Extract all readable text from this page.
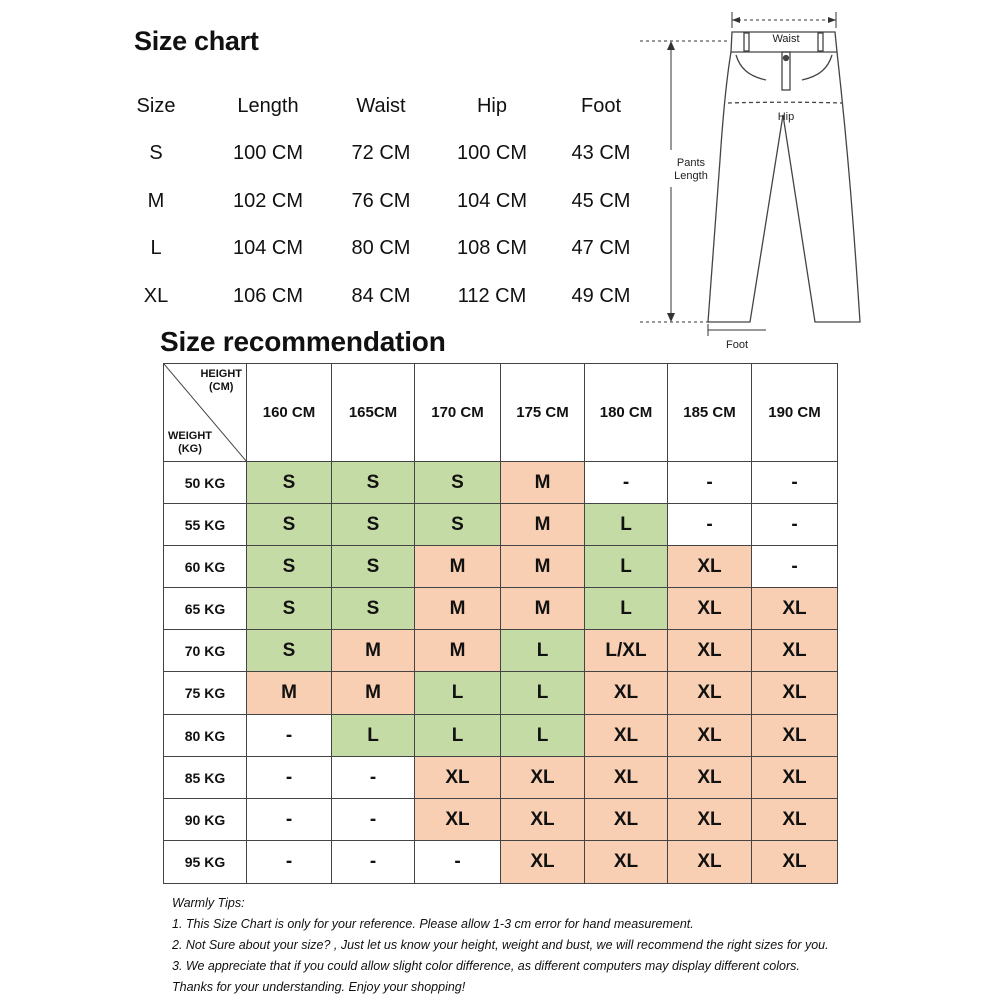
Size chart
Size	Length	Waist	Hip	Foot
S	100 CM	72 CM	100 CM	43 CM
M	102 CM	76 CM	104 CM	45 CM
L	104 CM	80 CM	108 CM	47 CM
XL	106 CM	84 CM	112 CM	49 CM
Waist
Hip
Pants
Length
Foot
Size recommendation
HEIGHT
(CM)
WEIGHT
(KG)	160 CM	165CM	170 CM	175 CM	180 CM	185 CM	190 CM
50 KG	S	S	S	M	-	-	-
55 KG	S	S	S	M	L	-	-
60 KG	S	S	M	M	L	XL	-
65 KG	S	S	M	M	L	XL	XL
70 KG	S	M	M	L	L/XL	XL	XL
75 KG	M	M	L	L	XL	XL	XL
80 KG	-	L	L	L	XL	XL	XL
85 KG	-	-	XL	XL	XL	XL	XL
90 KG	-	-	XL	XL	XL	XL	XL
95 KG	-	-	-	XL	XL	XL	XL
Warmly Tips:
1. This Size Chart is only for your reference. Please allow 1-3 cm error for hand measurement.
2. Not Sure about your size? , Just let us know your height, weight and bust, we will recommend the right sizes for you.
3. We appreciate that if you could allow slight color difference, as different computers may display different colors.
Thanks for your understanding. Enjoy your shopping!
